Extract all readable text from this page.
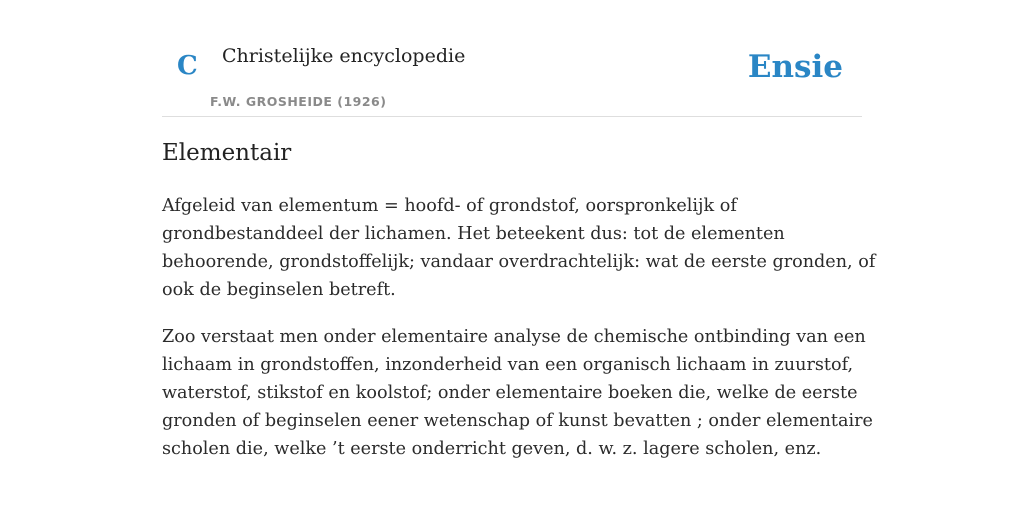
C Christelijke encyclopedie
F.W. GROSHEIDE (1926)
Ensie
Elementair

Afgeleid van elementum = hoofd- of grondstof, oorspronkelijk of grondbestanddeel der lichamen. Het beteekent dus: tot de elementen behoorende, grondstoffelijk; vandaar overdrachtelijk: wat de eerste gronden, of ook de beginselen betreft.

Zoo verstaat men onder elementaire analyse de chemische ontbinding van een lichaam in grondstoffen, inzonderheid van een organisch lichaam in zuurstof, waterstof, stikstof en koolstof; onder elementaire boeken die, welke de eerste gronden of beginselen eener wetenschap of kunst bevatten ; onder elementaire scholen die, welke ’t eerste onderricht geven, d. w. z. lagere scholen, enz.
